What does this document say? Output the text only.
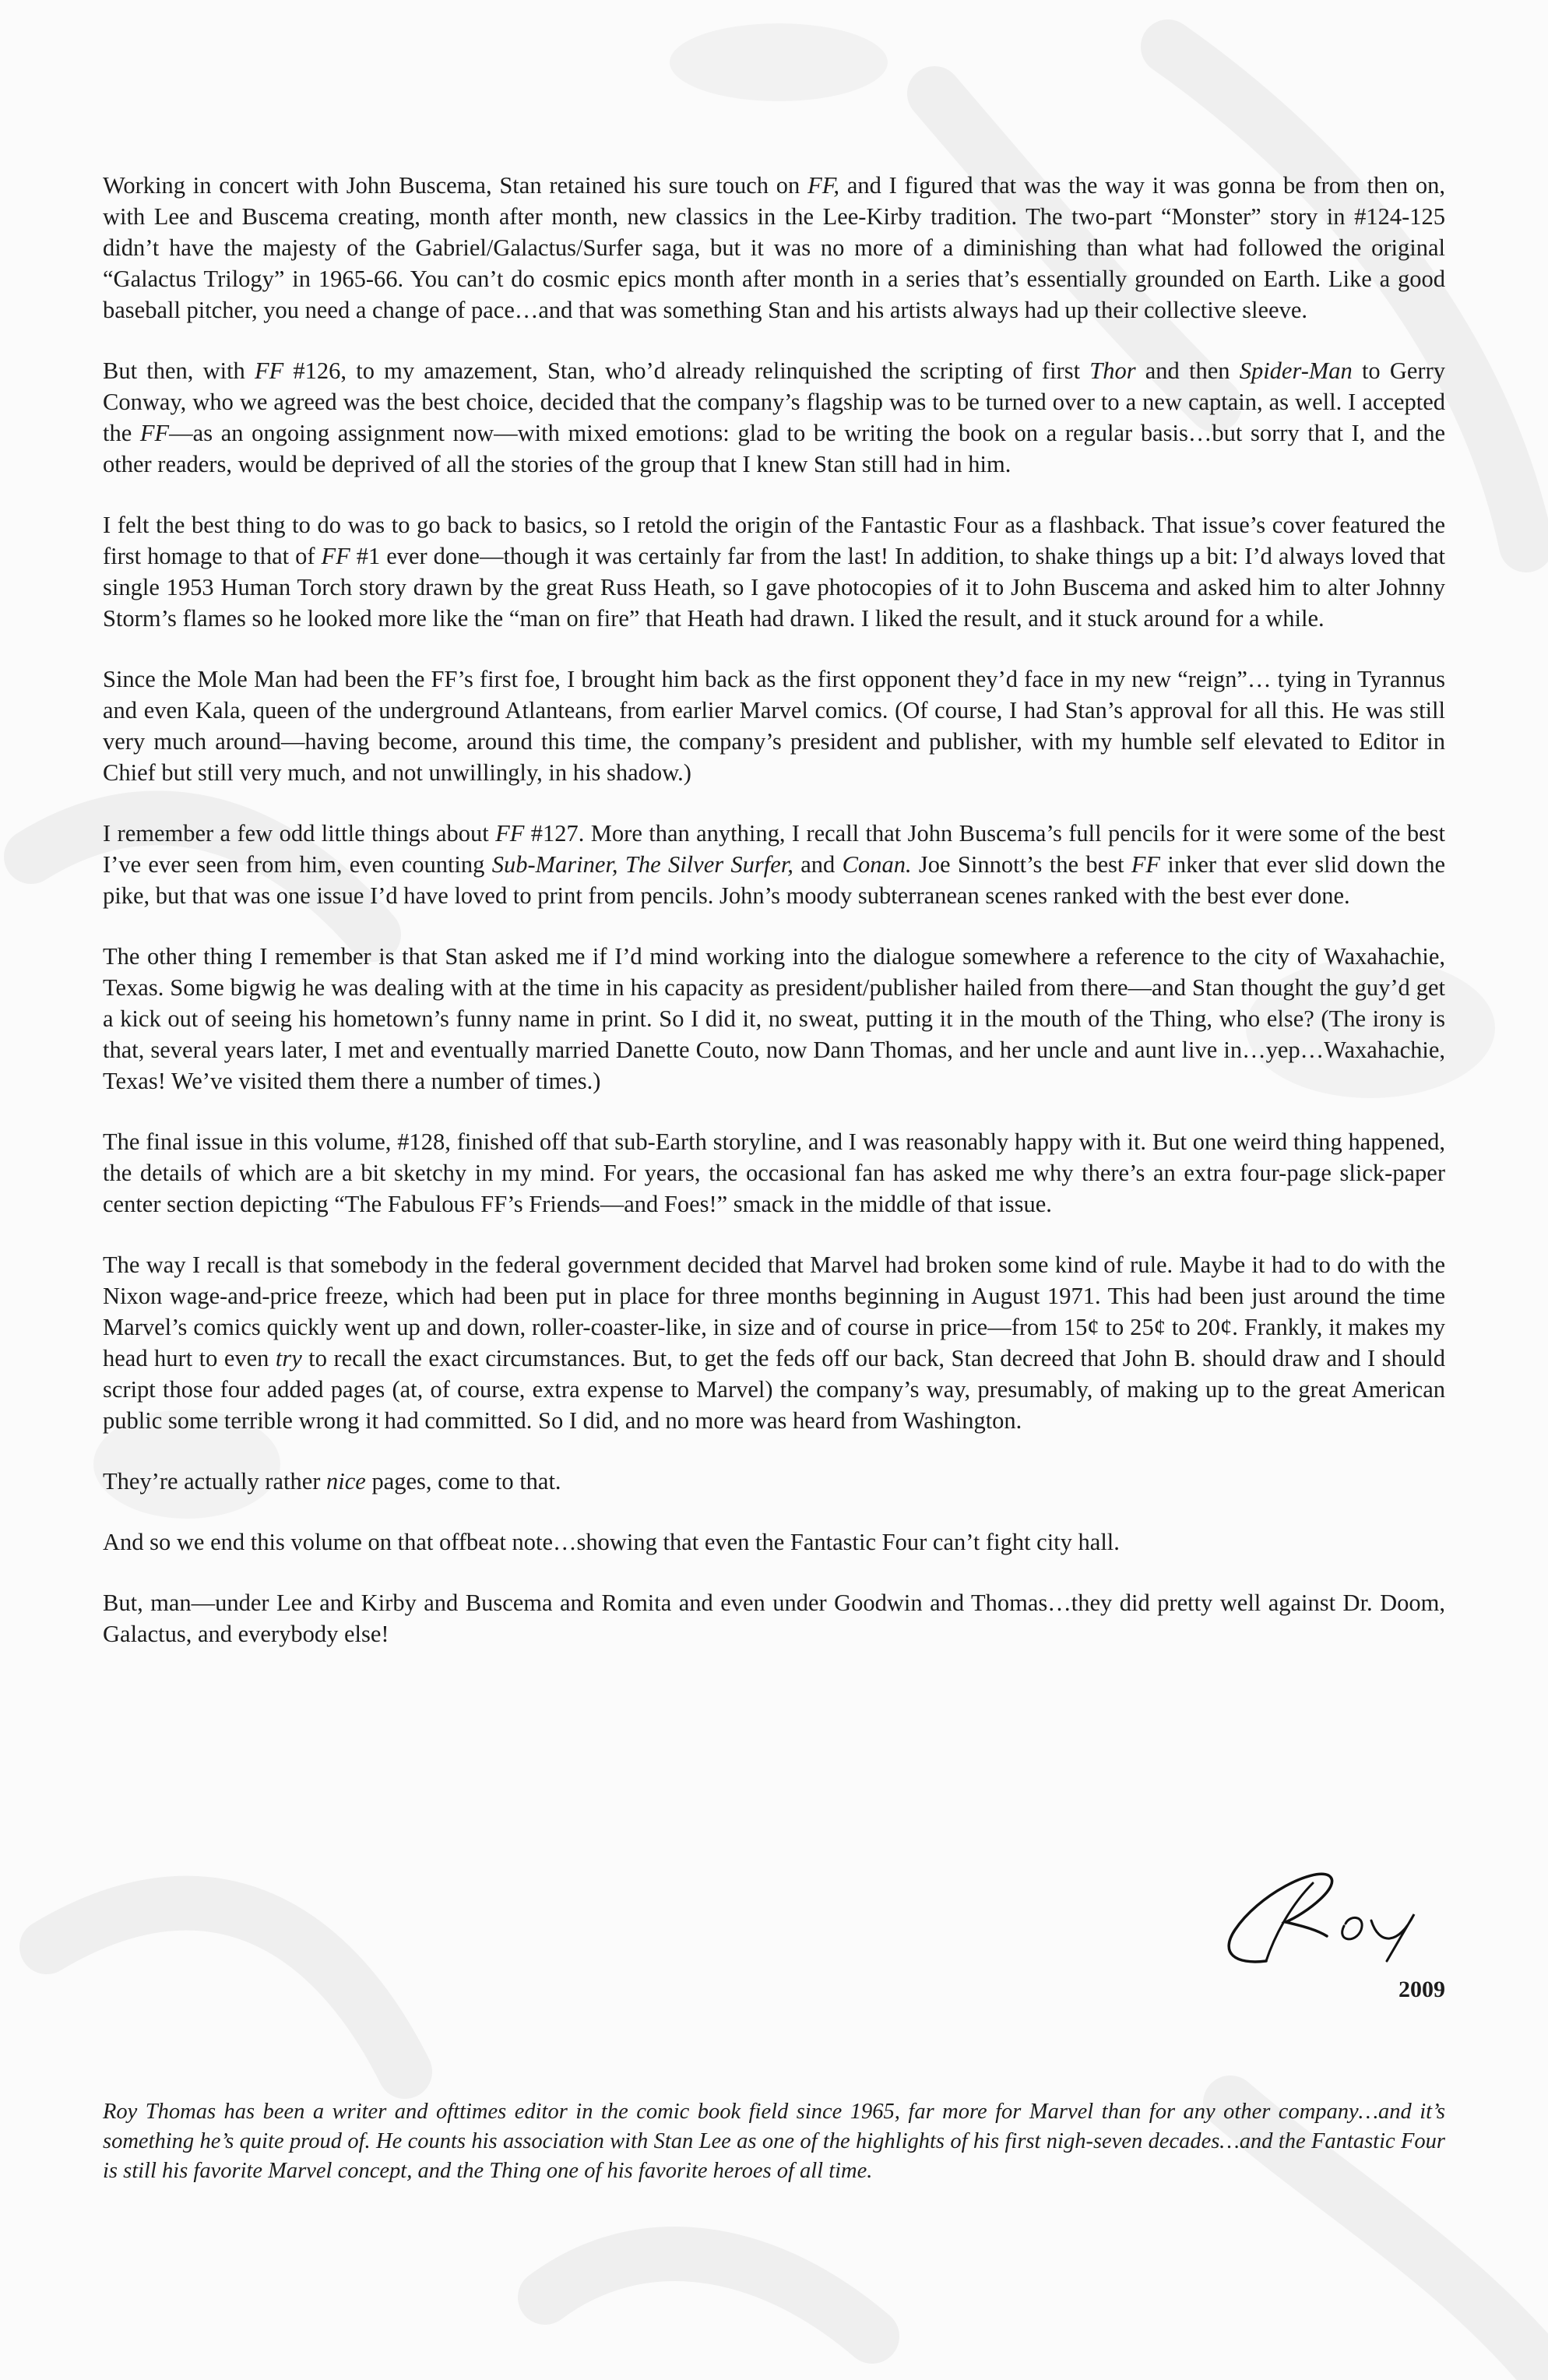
Working in concert with John Buscema, Stan retained his sure touch on FF, and I figured that was the way it was gonna be from then on, with Lee and Buscema creating, month after month, new classics in the Lee-Kirby tradition. The two-part “Monster” story in #124-125 didn’t have the majesty of the Gabriel/Galactus/Surfer saga, but it was no more of a diminishing than what had followed the original “Galactus Trilogy” in 1965-66. You can’t do cosmic epics month after month in a series that’s essentially grounded on Earth. Like a good baseball pitcher, you need a change of pace…and that was something Stan and his artists always had up their collective sleeve.

But then, with FF #126, to my amazement, Stan, who’d already relinquished the scripting of first Thor and then Spider-Man to Gerry Conway, who we agreed was the best choice, decided that the company’s flagship was to be turned over to a new captain, as well. I accepted the FF—as an ongoing assignment now—with mixed emotions: glad to be writing the book on a regular basis…but sorry that I, and the other readers, would be deprived of all the stories of the group that I knew Stan still had in him.

I felt the best thing to do was to go back to basics, so I retold the origin of the Fantastic Four as a flashback. That issue’s cover featured the first homage to that of FF #1 ever done—though it was certainly far from the last! In addition, to shake things up a bit: I’d always loved that single 1953 Human Torch story drawn by the great Russ Heath, so I gave photocopies of it to John Buscema and asked him to alter Johnny Storm’s flames so he looked more like the “man on fire” that Heath had drawn. I liked the result, and it stuck around for a while.

Since the Mole Man had been the FF’s first foe, I brought him back as the first opponent they’d face in my new “reign”… tying in Tyrannus and even Kala, queen of the underground Atlanteans, from earlier Marvel comics. (Of course, I had Stan’s approval for all this. He was still very much around—having become, around this time, the company’s president and publisher, with my humble self elevated to Editor in Chief but still very much, and not unwillingly, in his shadow.)

I remember a few odd little things about FF #127. More than anything, I recall that John Buscema’s full pencils for it were some of the best I’ve ever seen from him, even counting Sub-Mariner, The Silver Surfer, and Conan. Joe Sinnott’s the best FF inker that ever slid down the pike, but that was one issue I’d have loved to print from pencils. John’s moody subterranean scenes ranked with the best ever done.

The other thing I remember is that Stan asked me if I’d mind working into the dialogue somewhere a reference to the city of Waxahachie, Texas. Some bigwig he was dealing with at the time in his capacity as president/publisher hailed from there—and Stan thought the guy’d get a kick out of seeing his hometown’s funny name in print. So I did it, no sweat, putting it in the mouth of the Thing, who else? (The irony is that, several years later, I met and eventually married Danette Couto, now Dann Thomas, and her uncle and aunt live in…yep…Waxahachie, Texas! We’ve visited them there a number of times.)

The final issue in this volume, #128, finished off that sub-Earth storyline, and I was reasonably happy with it. But one weird thing happened, the details of which are a bit sketchy in my mind. For years, the occasional fan has asked me why there’s an extra four-page slick-paper center section depicting “The Fabulous FF’s Friends—and Foes!” smack in the middle of that issue.

The way I recall is that somebody in the federal government decided that Marvel had broken some kind of rule. Maybe it had to do with the Nixon wage-and-price freeze, which had been put in place for three months beginning in August 1971. This had been just around the time Marvel’s comics quickly went up and down, roller-coaster-like, in size and of course in price—from 15¢ to 25¢ to 20¢. Frankly, it makes my head hurt to even try to recall the exact circumstances. But, to get the feds off our back, Stan decreed that John B. should draw and I should script those four added pages (at, of course, extra expense to Marvel) the company’s way, presumably, of making up to the great American public some terrible wrong it had committed. So I did, and no more was heard from Washington.

They’re actually rather nice pages, come to that.

And so we end this volume on that offbeat note…showing that even the Fantastic Four can’t fight city hall.

But, man—under Lee and Kirby and Buscema and Romita and even under Goodwin and Thomas…they did pretty well against Dr. Doom, Galactus, and everybody else!

2009
Roy Thomas has been a writer and ofttimes editor in the comic book field since 1965, far more for Marvel than for any other company…and it’s something he’s quite proud of. He counts his association with Stan Lee as one of the highlights of his first nigh-seven decades…and the Fantastic Four is still his favorite Marvel concept, and the Thing one of his favorite heroes of all time.
